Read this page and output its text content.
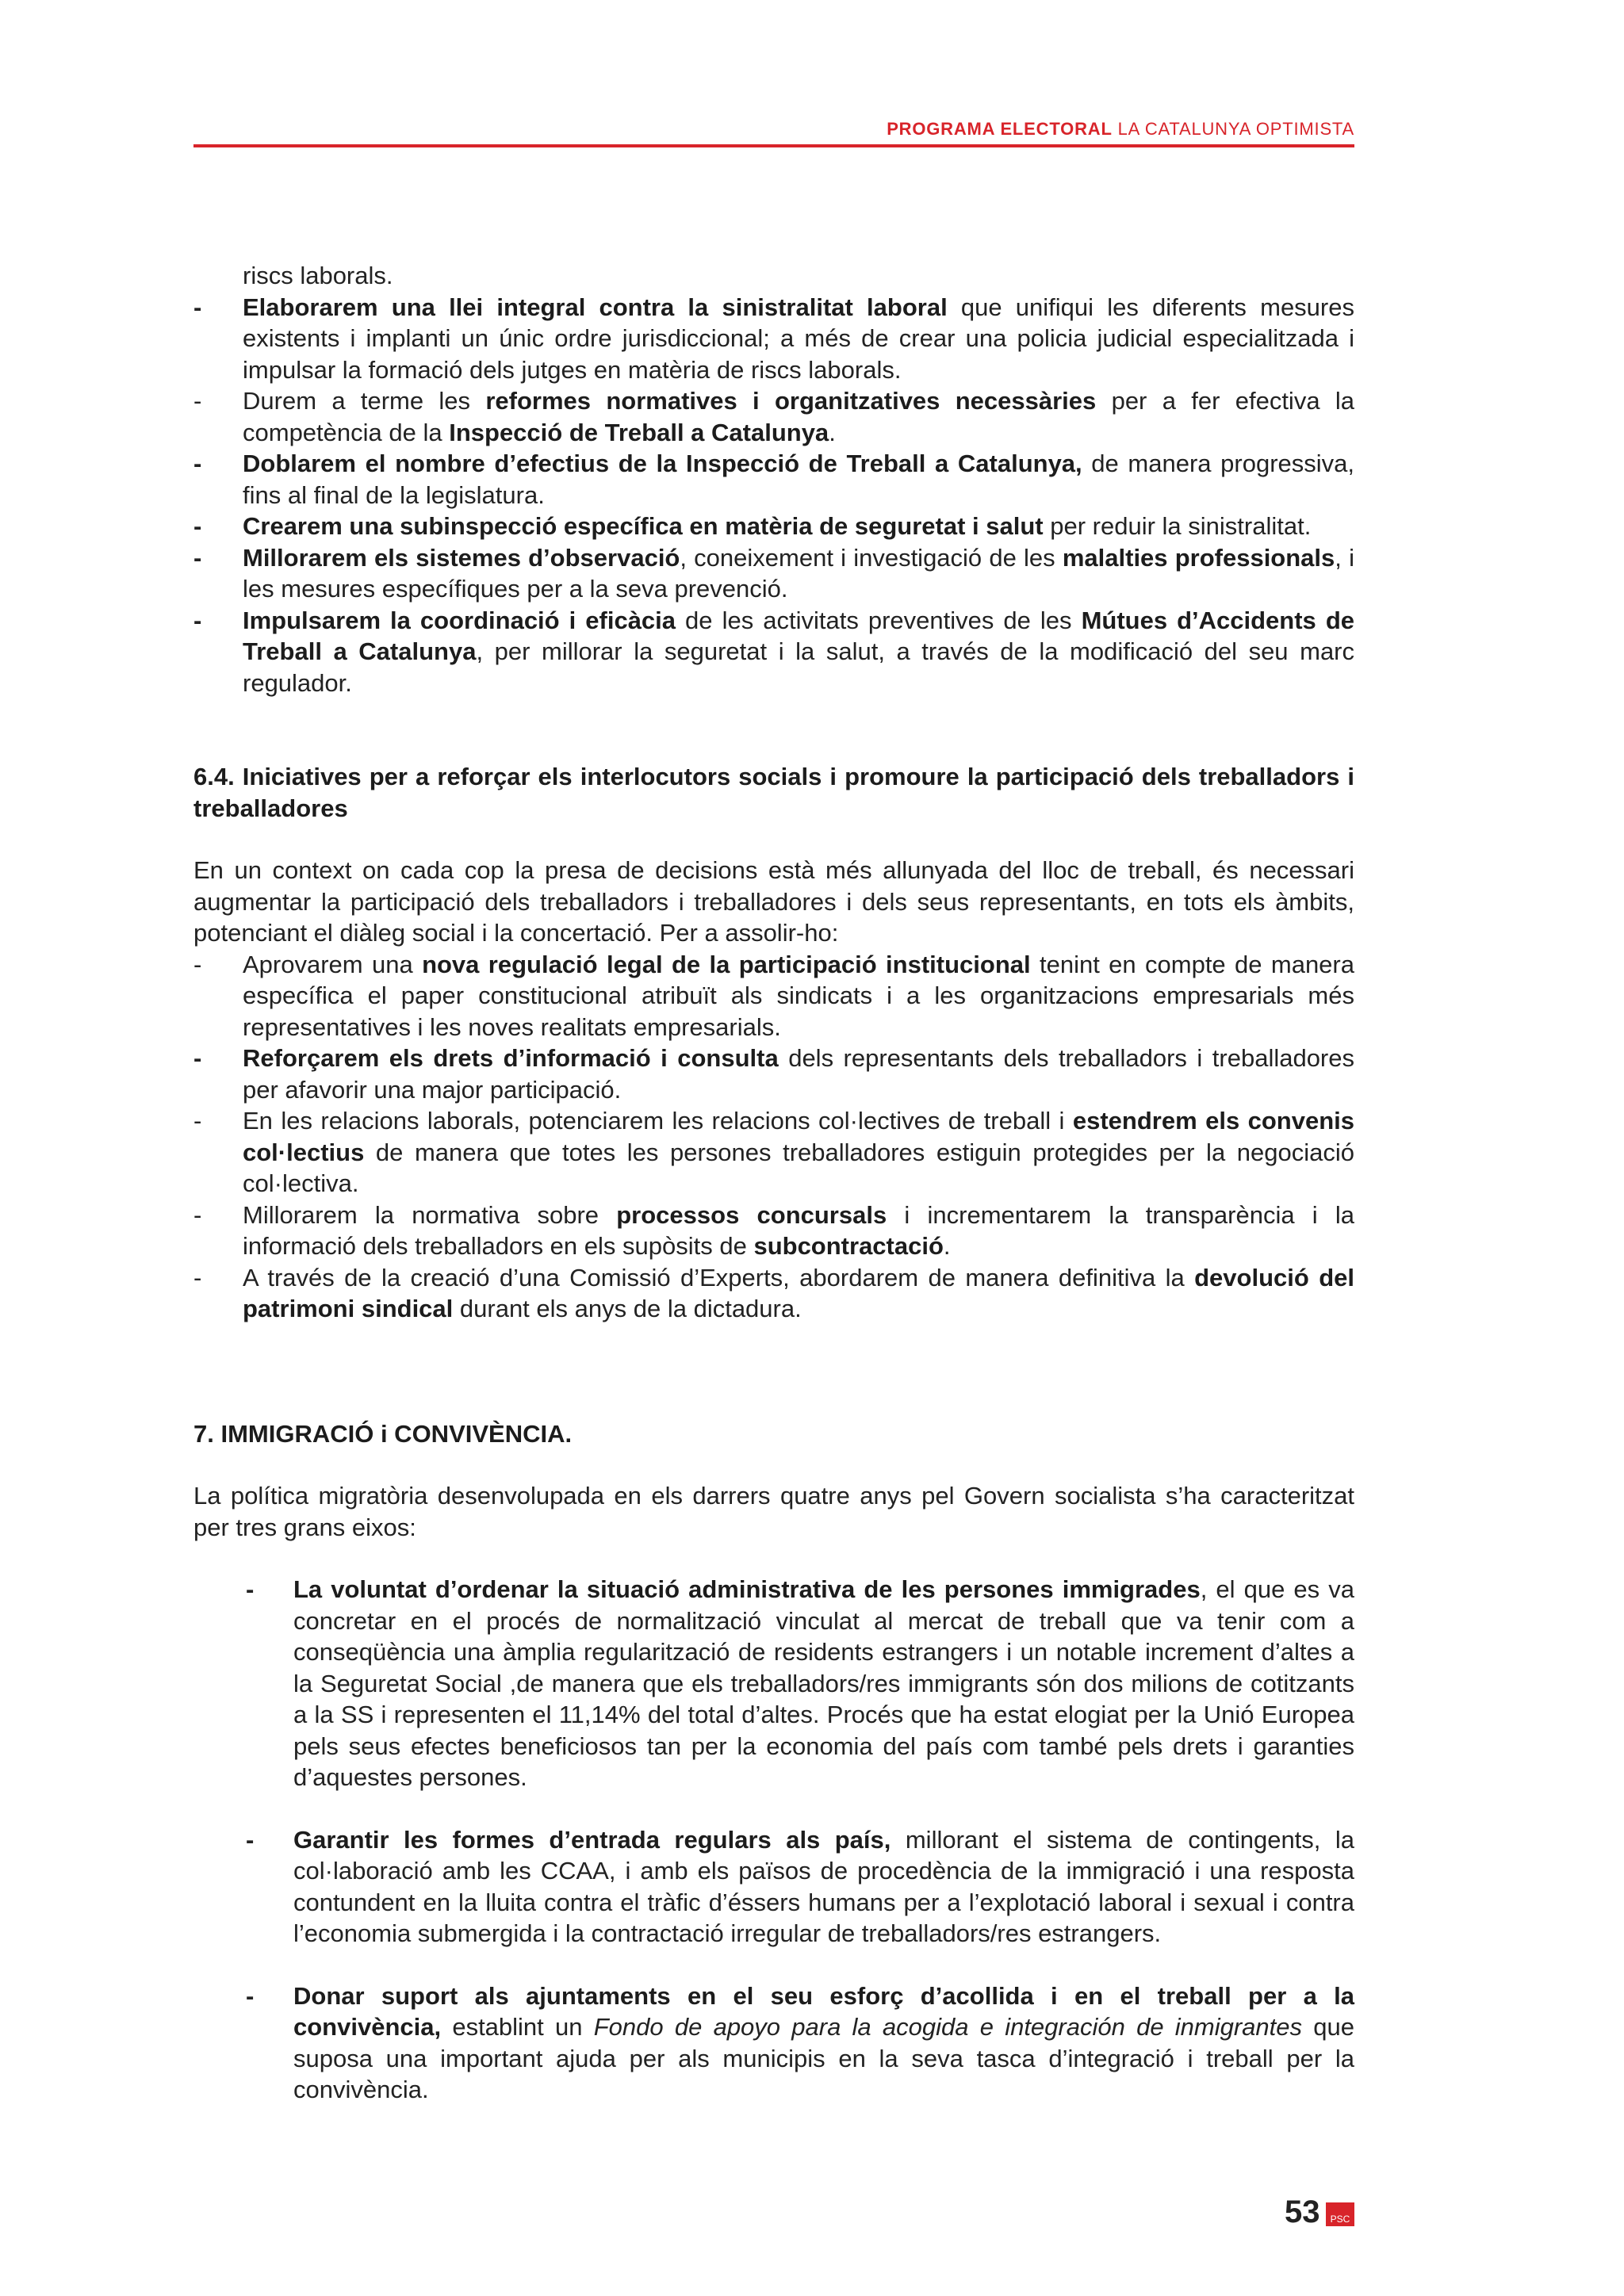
PROGRAMA ELECTORAL LA CATALUNYA OPTIMISTA
riscs laborals.
- Elaborarem una llei integral contra la sinistralitat laboral que unifiqui les diferents mesures existents i implanti un únic ordre jurisdiccional; a més de crear una policia judicial especialitzada i impulsar la formació dels jutges en matèria de riscs laborals.
- Durem a terme les reformes normatives i organitzatives necessàries per a fer efectiva la competència de la Inspecció de Treball a Catalunya.
- Doblarem el nombre d’efectius de la Inspecció de Treball a Catalunya, de manera progressiva, fins al final de la legislatura.
- Crearem una subinspecció específica en matèria de seguretat i salut per reduir la sinistralitat.
- Millorarem els sistemes d’observació, coneixement i investigació de les malalties professionals, i les mesures específiques per a la seva prevenció.
- Impulsarem la coordinació i eficàcia de les activitats preventives de les Mútues d’Accidents de Treball a Catalunya, per millorar la seguretat i la salut, a través de la modificació del seu marc regulador.

6.4. Iniciatives per a reforçar els interlocutors socials i promoure la participació dels treballadors i treballadores

En un context on cada cop la presa de decisions està més allunyada del lloc de treball, és necessari augmentar la participació dels treballadors i treballadores i dels seus representants, en tots els àmbits, potenciant el diàleg social i la concertació. Per a assolir-ho:

- Aprovarem una nova regulació legal de la participació institucional tenint en compte de manera específica el paper constitucional atribuït als sindicats i a les organitzacions empresarials més representatives i les noves realitats empresarials.
- Reforçarem els drets d’informació i consulta dels representants dels treballadors i treballadores per afavorir una major participació.
- En les relacions laborals, potenciarem les relacions col·lectives de treball i estendrem els convenis col·lectius de manera que totes les persones treballadores estiguin protegides per la negociació col·lectiva.
- Millorarem la normativa sobre processos concursals i incrementarem la transparència i la informació dels treballadors en els supòsits de subcontractació.
- A través de la creació d’una Comissió d’Experts, abordarem de manera definitiva la devolució del patrimoni sindical durant els anys de la dictadura.

7. IMMIGRACIÓ i CONVIVÈNCIA.

La política migratòria desenvolupada en els darrers quatre anys pel Govern socialista s’ha caracteritzat per tres grans eixos:

- La voluntat d’ordenar la situació administrativa de les persones immigrades, el que es va concretar en el procés de normalització vinculat al mercat de treball que va tenir com a conseqüència una àmplia regularització de residents estrangers i un notable increment d’altes a la Seguretat Social ,de manera que els treballadors/res immigrants són dos milions de cotitzants a la SS i representen el 11,14% del total d’altes. Procés que ha estat elogiat per la Unió Europea pels seus efectes beneficiosos tan per la economia del país com també pels drets i garanties d’aquestes persones.
- Garantir les formes d’entrada regulars als país, millorant el sistema de contingents, la col·laboració amb les CCAA, i amb els països de procedència de la immigració i una resposta contundent en la lluita contra el tràfic d’éssers humans per a l’explotació laboral i sexual i contra l’economia submergida i la contractació irregular de treballadors/res estrangers.
- Donar suport als ajuntaments en el seu esforç d’acollida i en el treball per a la convivència, establint un Fondo de apoyo para la acogida e integración de inmigrantes que suposa una important ajuda per als municipis en la seva tasca d’integració i treball per la convivència.
53	PSC
